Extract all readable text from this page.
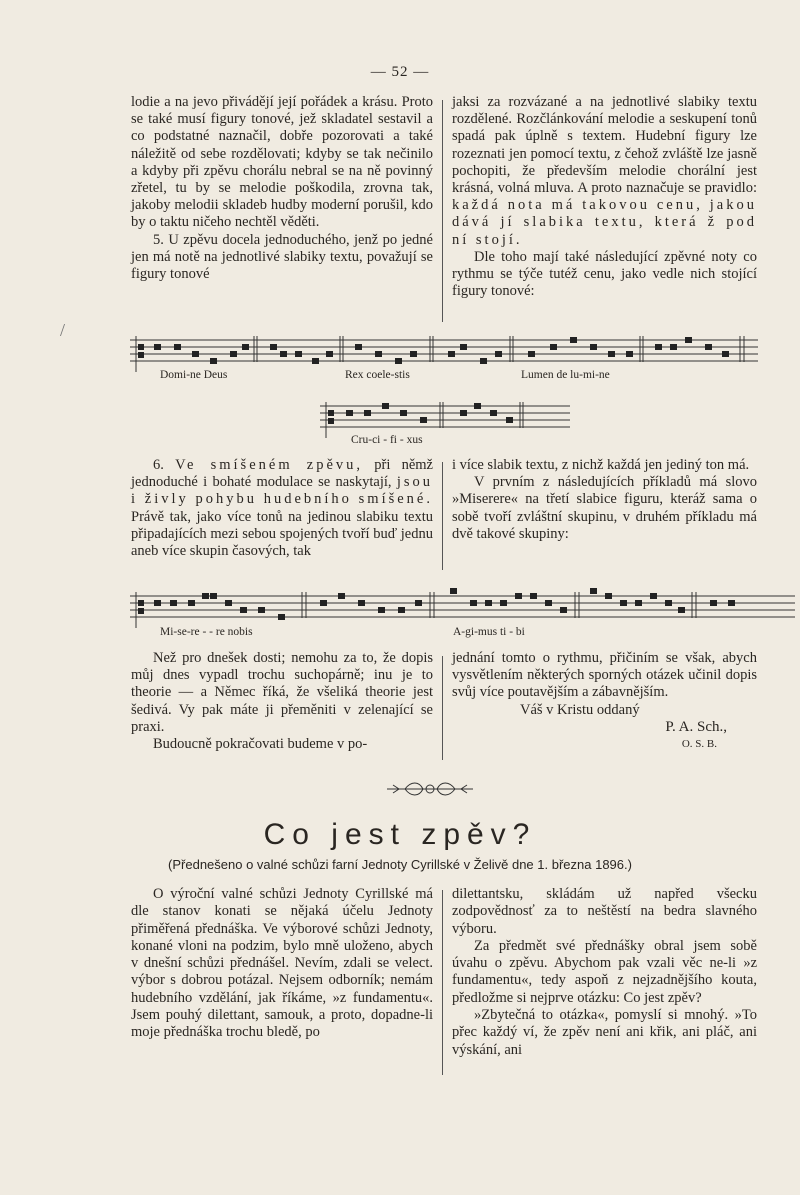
— 52 —

lodie a na jevo přivádějí její pořádek a krásu. Proto se také musí figury tonové, jež skladatel sestavil a co podstatné naznačil, dobře pozorovati a také náležitě od sebe rozdělovati; kdyby se tak nečinilo a kdyby při zpěvu chorálu nebral se na ně povinný zřetel, tu by se melodie poškodila, zrovna tak, jakoby melodii skladeb hudby moderní porušil, kdo by o taktu ničeho nechtěl věděti.

5. U zpěvu docela jednoduchého, jenž po jedné jen má notě na jednotlivé slabiky textu, považují se figury tonové

jaksi za rozvázané a na jednotlivé slabiky textu rozdělené. Rozčlánkování melodie a seskupení tonů spadá pak úplně s textem. Hudební figury lze rozeznati jen pomocí textu, z čehož zvláště lze jasně pochopiti, že především melodie chorální jest krásná, volná mluva. A proto naznačuje se pravidlo: každá nota má takovou cenu, jakou dává jí slabika textu, která ž pod ní stojí.

Dle toho mají také následující zpěvné noty co rythmu se týče tutéž cenu, jako vedle nich stojící figury tonové:

/
Domi-ne Deus	Rex coele-stis	Lumen de lu-mi-ne
Cru-ci - fi - xus

6. Ve smíšeném zpěvu, při němž jednoduché i bohaté modulace se naskytají, jsou i živly pohybu hudebního smíšené. Právě tak, jako více tonů na jedinou slabiku textu připadajících mezi sebou spojených tvoří buď jednu aneb více skupin časových, tak

i více slabik textu, z nichž každá jen jediný ton má.

V prvním z následujících příkladů má slovo »Miserere« na třetí slabice figuru, kteráž sama o sobě tvoří zvláštní skupinu, v druhém příkladu má dvě takové skupiny:

Mi-se-re - - re nobis	A-gi-mus ti - bi

Než pro dnešek dosti; nemohu za to, že dopis můj dnes vypadl trochu suchopárně; inu je to theorie — a Němec říká, že všeliká theorie jest šedivá. Vy pak máte ji přeměniti v zelenající se praxi.

Budoucně pokračovati budeme v po-

jednání tomto o rythmu, přičiním se však, abych vysvětlením některých sporných otázek učinil dopis svůj více poutavějším a zábavnějším.

Váš v Kristu oddaný

P. A. Sch.,

O. S. B.

Co jest zpěv?
(Přednešeno o valné schůzi farní Jednoty Cyrillské v Želivě dne 1. března 1896.)

O výroční valné schůzi Jednoty Cyrillské má dle stanov konati se nějaká účelu Jednoty přiměřená přednáška. Ve výborové schůzi Jednoty, konané vloni na podzim, bylo mně uloženo, abych v dnešní schůzi přednášel. Nevím, zdali se velect. výbor s dobrou potázal. Nejsem odborník; nemám hudebního vzdělání, jak říkáme, »z fundamentu«. Jsem pouhý dilettant, samouk, a proto, dopadne-li moje přednáška trochu bledě, po

dilettantsku, skládám už napřed všecku zodpovědnosť za to neštěstí na bedra slavného výboru.

Za předmět své přednášky obral jsem sobě úvahu o zpěvu. Abychom pak vzali věc ne-li »z fundamentu«, tedy aspoň z nejzadnějšího kouta, předložme si nejprve otázku: Co jest zpěv?

»Zbytečná to otázka«, pomyslí si mnohý. »To přec každý ví, že zpěv není ani křik, ani pláč, ani výskání, ani
